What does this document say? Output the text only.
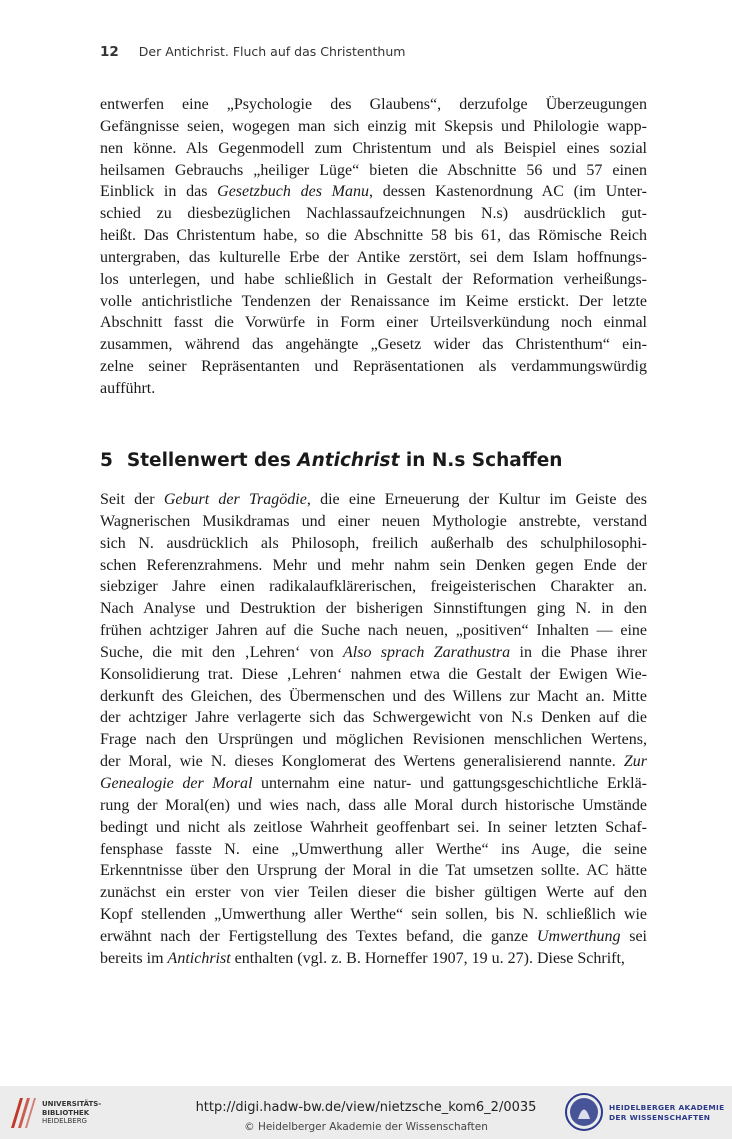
12 Der Antichrist. Fluch auf das Christenthum
entwerfen eine „Psychologie des Glaubens“, derzufolge Überzeugungen
Gefängnisse seien, wogegen man sich einzig mit Skepsis und Philologie wapp-
nen könne. Als Gegenmodell zum Christentum und als Beispiel eines sozial
heilsamen Gebrauchs „heiliger Lüge“ bieten die Abschnitte 56 und 57 einen
Einblick in das Gesetzbuch des Manu, dessen Kastenordnung AC (im Unter-
schied zu diesbezüglichen Nachlassaufzeichnungen N.s) ausdrücklich gut-
heißt. Das Christentum habe, so die Abschnitte 58 bis 61, das Römische Reich
untergraben, das kulturelle Erbe der Antike zerstört, sei dem Islam hoffnungs-
los unterlegen, und habe schließlich in Gestalt der Reformation verheißungs-
volle antichristliche Tendenzen der Renaissance im Keime erstickt. Der letzte
Abschnitt fasst die Vorwürfe in Form einer Urteilsverkündung noch einmal
zusammen, während das angehängte „Gesetz wider das Christenthum“ ein-
zelne seiner Repräsentanten und Repräsentationen als verdammungswürdig
aufführt.
5 Stellenwert des Antichrist in N.s Schaffen
Seit der Geburt der Tragödie, die eine Erneuerung der Kultur im Geiste des
Wagnerischen Musikdramas und einer neuen Mythologie anstrebte, verstand
sich N. ausdrücklich als Philosoph, freilich außerhalb des schulphilosophi-
schen Referenzrahmens. Mehr und mehr nahm sein Denken gegen Ende der
siebziger Jahre einen radikalaufklärerischen, freigeisterischen Charakter an.
Nach Analyse und Destruktion der bisherigen Sinnstiftungen ging N. in den
frühen achtziger Jahren auf die Suche nach neuen, „positiven“ Inhalten — eine
Suche, die mit den ‚Lehren‘ von Also sprach Zarathustra in die Phase ihrer
Konsolidierung trat. Diese ‚Lehren‘ nahmen etwa die Gestalt der Ewigen Wie-
derkunft des Gleichen, des Übermenschen und des Willens zur Macht an. Mitte
der achtziger Jahre verlagerte sich das Schwergewicht von N.s Denken auf die
Frage nach den Ursprüngen und möglichen Revisionen menschlichen Wertens,
der Moral, wie N. dieses Konglomerat des Wertens generalisierend nannte. Zur
Genealogie der Moral unternahm eine natur- und gattungsgeschichtliche Erklä-
rung der Moral(en) und wies nach, dass alle Moral durch historische Umstände
bedingt und nicht als zeitlose Wahrheit geoffenbart sei. In seiner letzten Schaf-
fensphase fasste N. eine „Umwerthung aller Werthe“ ins Auge, die seine
Erkenntnisse über den Ursprung der Moral in die Tat umsetzen sollte. AC hätte
zunächst ein erster von vier Teilen dieser die bisher gültigen Werte auf den
Kopf stellenden „Umwerthung aller Werthe“ sein sollen, bis N. schließlich wie
erwähnt nach der Fertigstellung des Textes befand, die ganze Umwerthung sei
bereits im Antichrist enthalten (vgl. z. B. Horneffer 1907, 19 u. 27). Diese Schrift,
UNIVERSITÄTS-
BIBLIOTHEK
HEIDELBERG
http://digi.hadw-bw.de/view/nietzsche_kom6_2/0035
© Heidelberger Akademie der Wissenschaften
HEIDELBERGER AKADEMIE
DER WISSENSCHAFTEN
